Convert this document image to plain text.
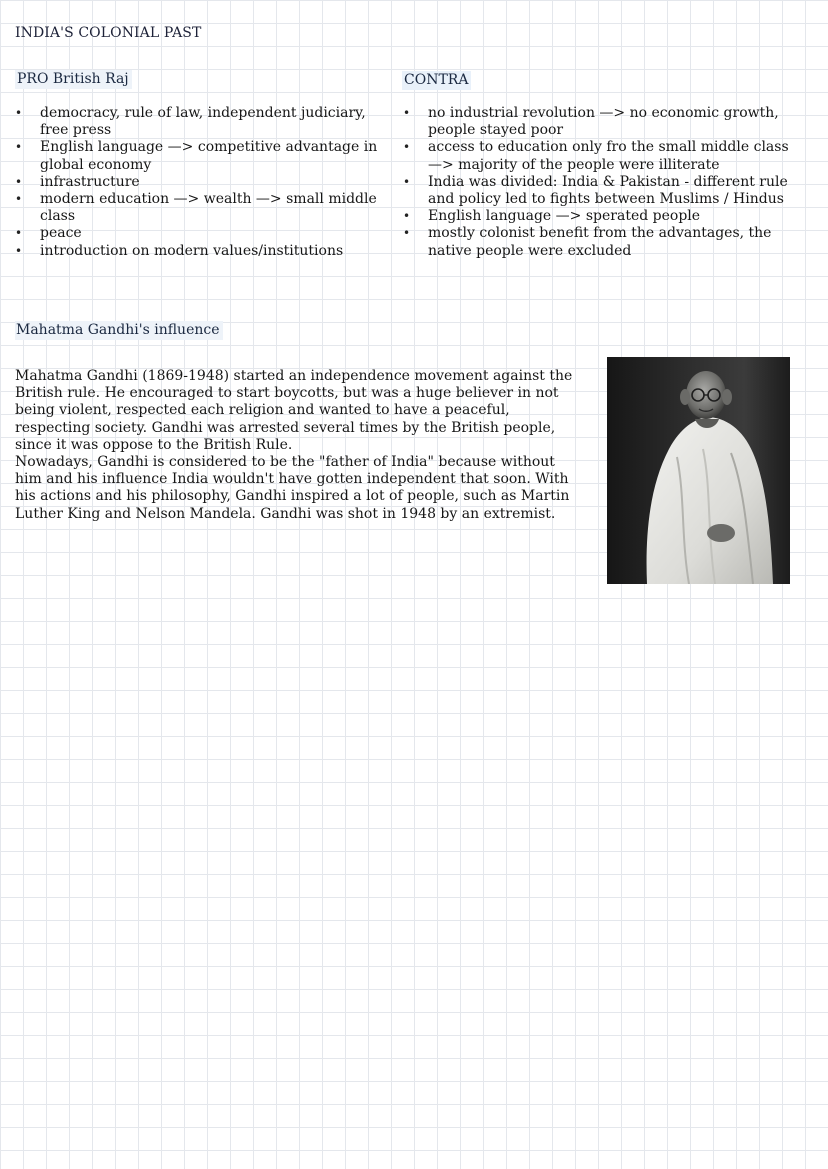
INDIA'S COLONIAL PAST
PRO British Raj	CONTRA
• democracy, rule of law, independent judiciary, free press
• English language —> competitive advantage in global economy
• infrastructure
• modern education —> wealth —> small middle class
• peace
• introduction on modern values/institutions
• no industrial revolution —> no economic growth, people stayed poor
• access to education only fro the small middle class —> majority of the people were illiterate
• India was divided: India & Pakistan - different rule and policy led to fights between Muslims / Hindus
• English language —> sperated people
• mostly colonist benefit from the advantages, the native people were excluded
Mahatma Gandhi's influence

Mahatma Gandhi (1869-1948) started an independence movement against the British rule. He encouraged to start boycotts, but was a huge believer in not being violent, respected each religion and wanted to have a peaceful, respecting society. Gandhi was arrested several times by the British people, since it was oppose to the British Rule.

Nowadays, Gandhi is considered to be the "father of India" because without him and his influence India wouldn't have gotten independent that soon. With his actions and his philosophy, Gandhi inspired a lot of people, such as Martin Luther King and Nelson Mandela. Gandhi was shot in 1948 by an extremist.
